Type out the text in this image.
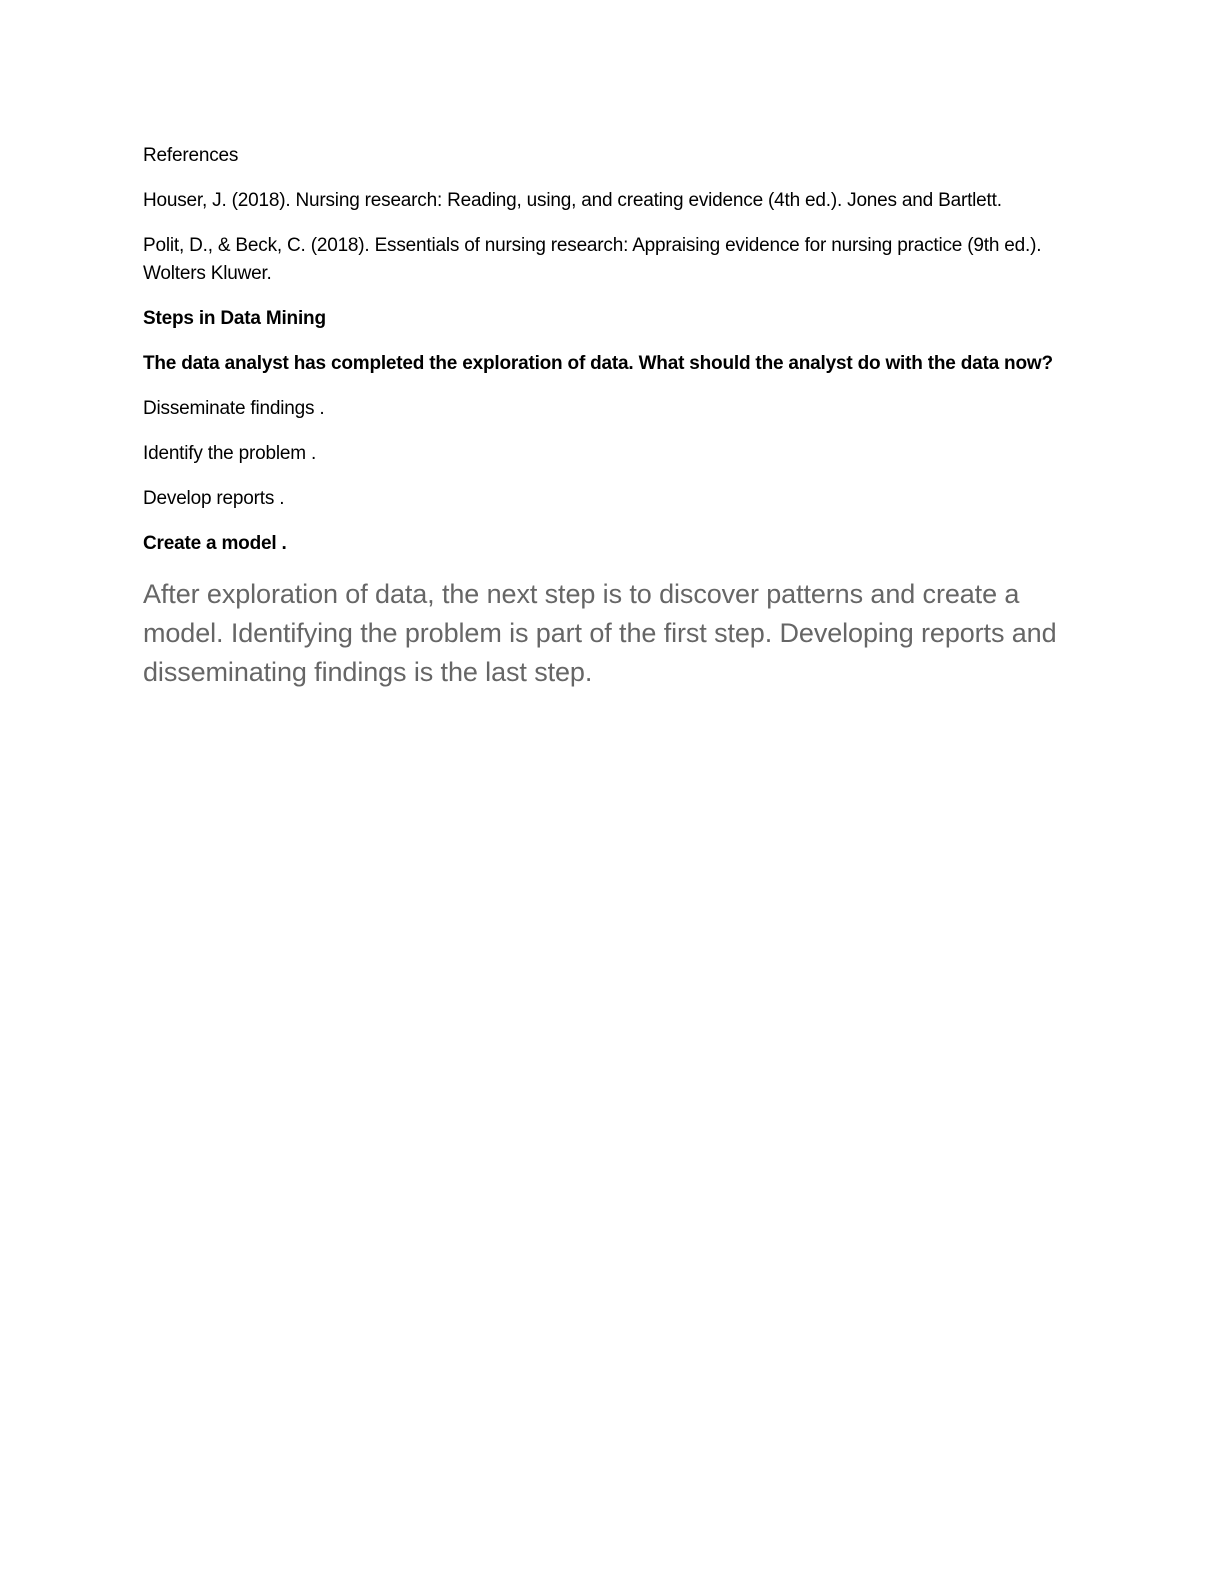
References

Houser, J. (2018). Nursing research: Reading, using, and creating evidence (4th ed.). Jones and Bartlett.

Polit, D., & Beck, C. (2018). Essentials of nursing research: Appraising evidence for nursing practice (9th ed.). Wolters Kluwer.

Steps in Data Mining

The data analyst has completed the exploration of data. What should the analyst do with the data now?

Disseminate findings .

Identify the problem .

Develop reports .

Create a model .

After exploration of data, the next step is to discover patterns and create a model. Identifying the problem is part of the first step. Developing reports and disseminating findings is the last step.
